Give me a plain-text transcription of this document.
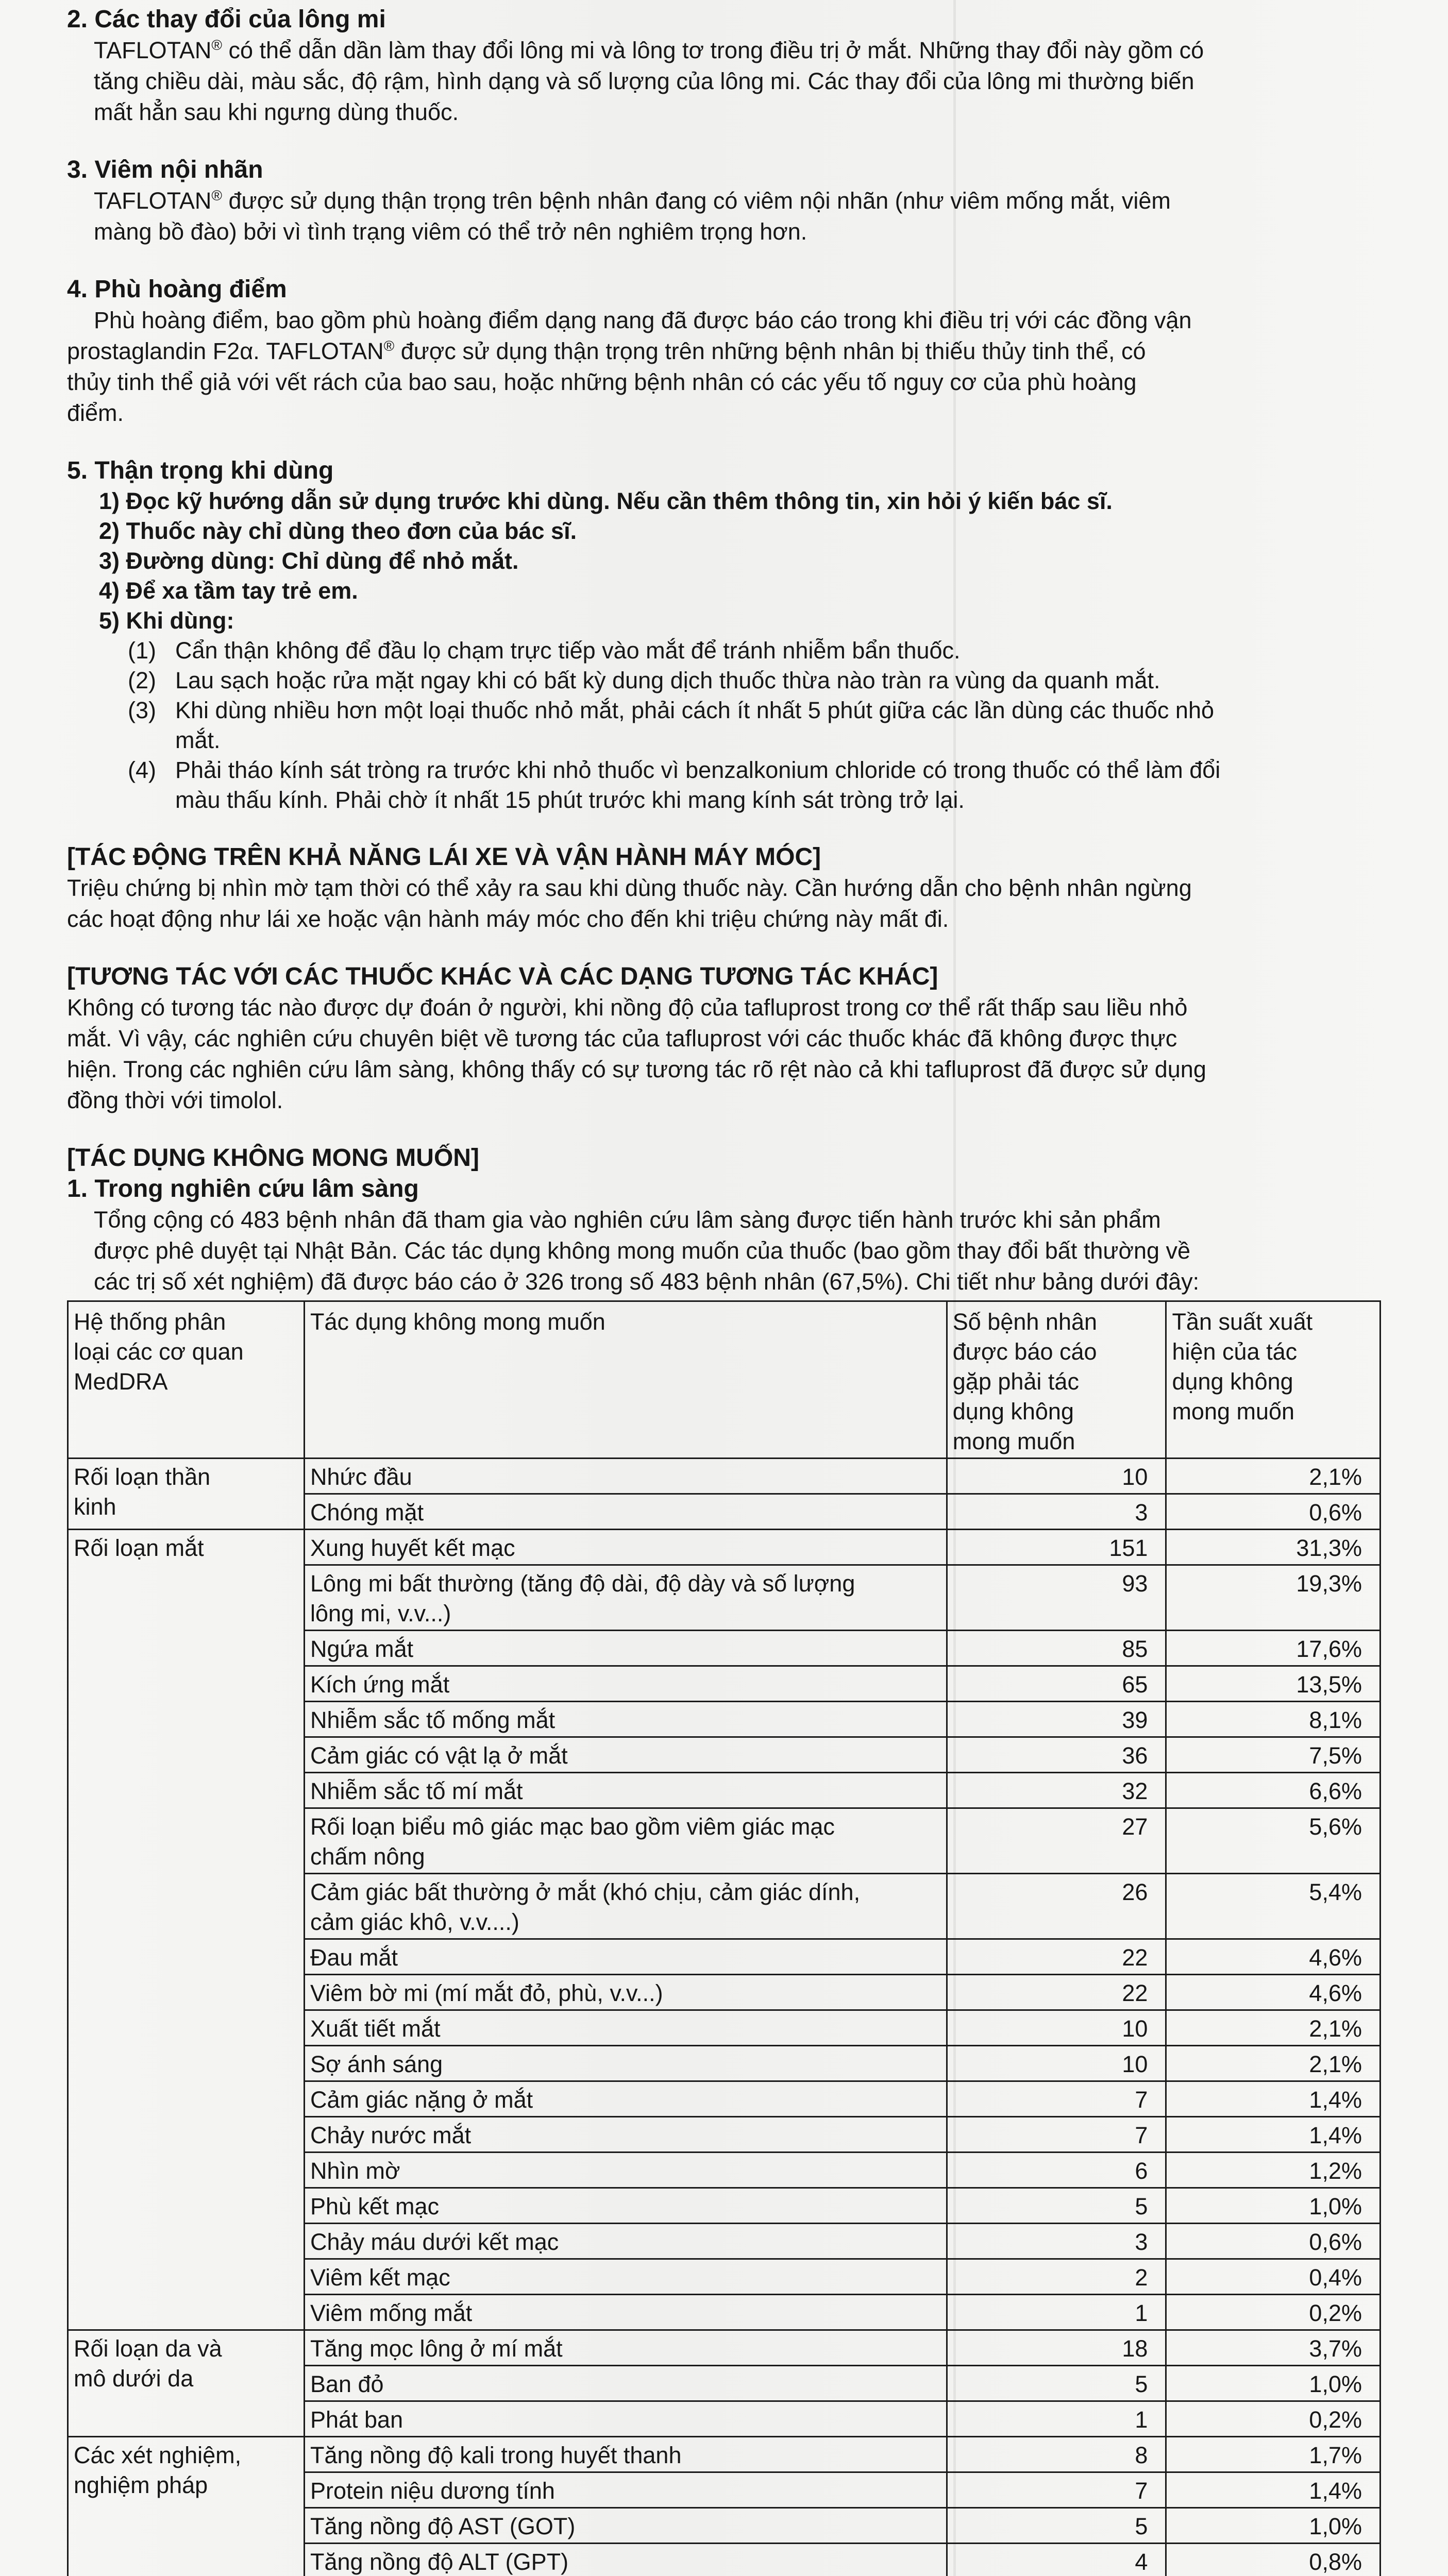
2. Các thay đổi của lông mi
TAFLOTAN® có thể dẫn dần làm thay đổi lông mi và lông tơ trong điều trị ở mắt. Những thay đổi này gồm có
tăng chiều dài, màu sắc, độ rậm, hình dạng và số lượng của lông mi. Các thay đổi của lông mi thường biến
mất hẳn sau khi ngưng dùng thuốc.
3. Viêm nội nhãn
TAFLOTAN® được sử dụng thận trọng trên bệnh nhân đang có viêm nội nhãn (như viêm mống mắt, viêm
màng bồ đào) bởi vì tình trạng viêm có thể trở nên nghiêm trọng hơn.
4. Phù hoàng điểm
Phù hoàng điểm, bao gồm phù hoàng điểm dạng nang đã được báo cáo trong khi điều trị với các đồng vận
prostaglandin F2α. TAFLOTAN® được sử dụng thận trọng trên những bệnh nhân bị thiếu thủy tinh thể, có
thủy tinh thể giả với vết rách của bao sau, hoặc những bệnh nhân có các yếu tố nguy cơ của phù hoàng
điểm.
5. Thận trọng khi dùng
1) Đọc kỹ hướng dẫn sử dụng trước khi dùng. Nếu cần thêm thông tin, xin hỏi ý kiến bác sĩ.
2) Thuốc này chỉ dùng theo đơn của bác sĩ.
3) Đường dùng: Chỉ dùng để nhỏ mắt.
4) Để xa tầm tay trẻ em.
5) Khi dùng:
(1) Cẩn thận không để đầu lọ chạm trực tiếp vào mắt để tránh nhiễm bẩn thuốc.
(2) Lau sạch hoặc rửa mặt ngay khi có bất kỳ dung dịch thuốc thừa nào tràn ra vùng da quanh mắt.
(3) Khi dùng nhiều hơn một loại thuốc nhỏ mắt, phải cách ít nhất 5 phút giữa các lần dùng các thuốc nhỏ
mắt.
(4) Phải tháo kính sát tròng ra trước khi nhỏ thuốc vì benzalkonium chloride có trong thuốc có thể làm đổi
màu thấu kính. Phải chờ ít nhất 15 phút trước khi mang kính sát tròng trở lại.
[TÁC ĐỘNG TRÊN KHẢ NĂNG LÁI XE VÀ VẬN HÀNH MÁY MÓC]
Triệu chứng bị nhìn mờ tạm thời có thể xảy ra sau khi dùng thuốc này. Cần hướng dẫn cho bệnh nhân ngừng
các hoạt động như lái xe hoặc vận hành máy móc cho đến khi triệu chứng này mất đi.
[TƯƠNG TÁC VỚI CÁC THUỐC KHÁC VÀ CÁC DẠNG TƯƠNG TÁC KHÁC]
Không có tương tác nào được dự đoán ở người, khi nồng độ của tafluprost trong cơ thể rất thấp sau liều nhỏ
mắt. Vì vậy, các nghiên cứu chuyên biệt về tương tác của tafluprost với các thuốc khác đã không được thực
hiện. Trong các nghiên cứu lâm sàng, không thấy có sự tương tác rõ rệt nào cả khi tafluprost đã được sử dụng
đồng thời với timolol.
[TÁC DỤNG KHÔNG MONG MUỐN]
1. Trong nghiên cứu lâm sàng
Tổng cộng có 483 bệnh nhân đã tham gia vào nghiên cứu lâm sàng được tiến hành trước khi sản phẩm
được phê duyệt tại Nhật Bản. Các tác dụng không mong muốn của thuốc (bao gồm thay đổi bất thường về
các trị số xét nghiệm) đã được báo cáo ở 326 trong số 483 bệnh nhân (67,5%). Chi tiết như bảng dưới đây:
Hệ thống phân
loại các cơ quan
MedDRA	Tác dụng không mong muốn	Số bệnh nhân
được báo cáo
gặp phải tác
dụng không
mong muốn	Tần suất xuất
hiện của tác
dụng không
mong muốn
Rối loạn thần
kinh	Nhức đầu	10	2,1%
	Chóng mặt	3	0,6%
Rối loạn mắt	Xung huyết kết mạc	151	31,3%
	Lông mi bất thường (tăng độ dài, độ dày và số lượng
lông mi, v.v...)	93	19,3%
	Ngứa mắt	85	17,6%
	Kích ứng mắt	65	13,5%
	Nhiễm sắc tố mống mắt	39	8,1%
	Cảm giác có vật lạ ở mắt	36	7,5%
	Nhiễm sắc tố mí mắt	32	6,6%
	Rối loạn biểu mô giác mạc bao gồm viêm giác mạc
chấm nông	27	5,6%
	Cảm giác bất thường ở mắt (khó chịu, cảm giác dính,
cảm giác khô, v.v....)	26	5,4%
	Đau mắt	22	4,6%
	Viêm bờ mi (mí mắt đỏ, phù, v.v...)	22	4,6%
	Xuất tiết mắt	10	2,1%
	Sợ ánh sáng	10	2,1%
	Cảm giác nặng ở mắt	7	1,4%
	Chảy nước mắt	7	1,4%
	Nhìn mờ	6	1,2%
	Phù kết mạc	5	1,0%
	Chảy máu dưới kết mạc	3	0,6%
	Viêm kết mạc	2	0,4%
	Viêm mống mắt	1	0,2%
Rối loạn da và
mô dưới da	Tăng mọc lông ở mí mắt	18	3,7%
	Ban đỏ	5	1,0%
	Phát ban	1	0,2%
Các xét nghiệm,
nghiệm pháp	Tăng nồng độ kali trong huyết thanh	8	1,7%
	Protein niệu dương tính	7	1,4%
	Tăng nồng độ AST (GOT)	5	1,0%
	Tăng nồng độ ALT (GPT)	4	0,8%
